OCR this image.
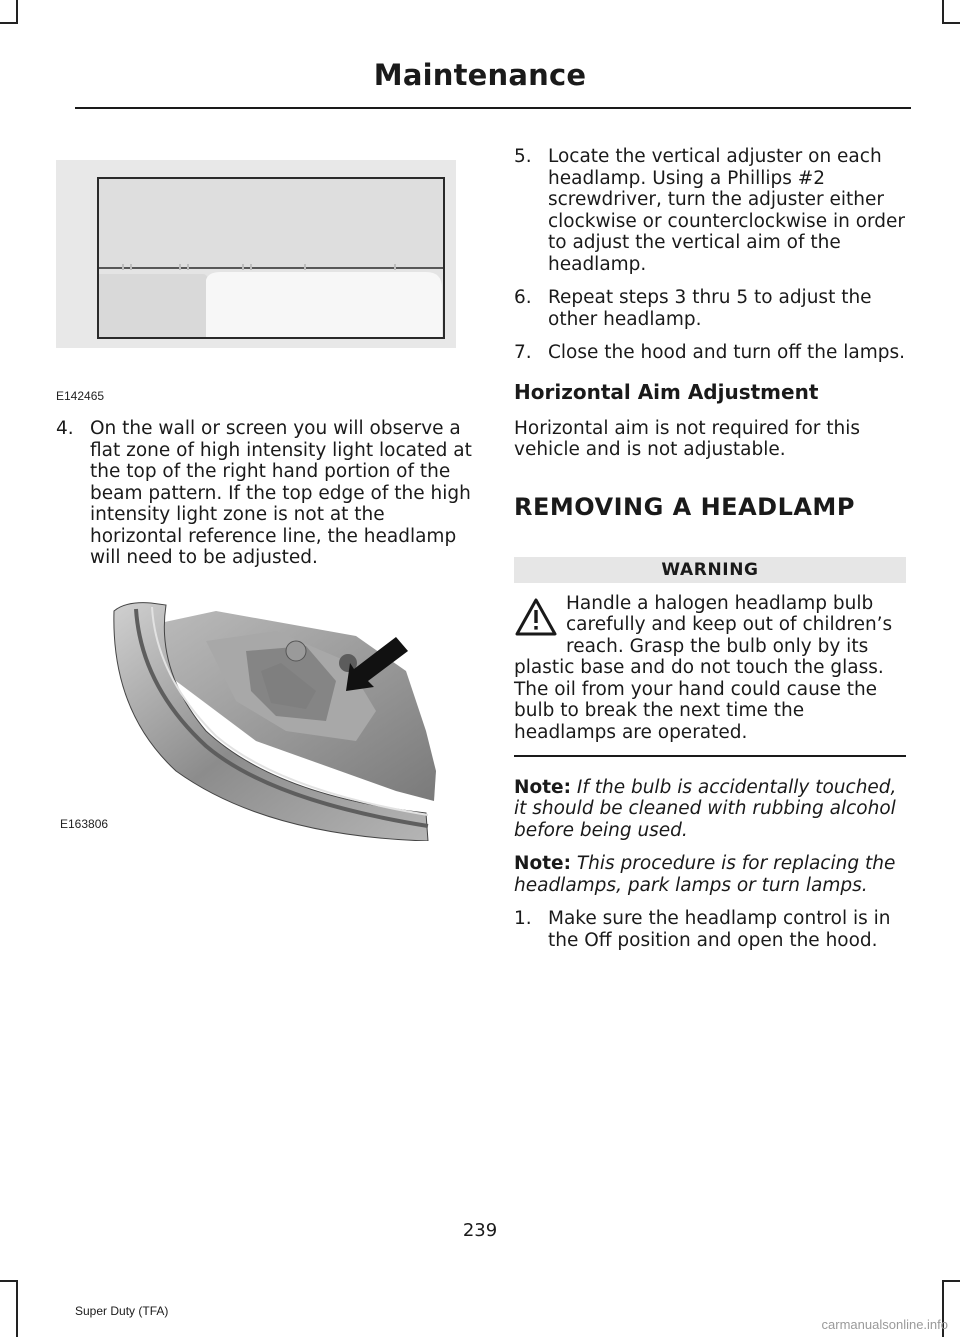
Maintenance
E142465
4. On the wall or screen you will observe a flat zone of high intensity light located at the top of the right hand portion of the beam pattern. If the top edge of the high intensity light zone is not at the horizontal reference line, the headlamp will need to be adjusted.
E163806
5. Locate the vertical adjuster on each headlamp. Using a Phillips #2 screwdriver, turn the adjuster either clockwise or counterclockwise in order to adjust the vertical aim of the headlamp.
6. Repeat steps 3 thru 5 to adjust the other headlamp.
7. Close the hood and turn off the lamps.
Horizontal Aim Adjustment

Horizontal aim is not required for this vehicle and is not adjustable.

REMOVING A HEADLAMP
WARNING
Handle a halogen headlamp bulb carefully and keep out of children’s reach. Grasp the bulb only by its plastic base and do not touch the glass. The oil from your hand could cause the bulb to break the next time the headlamps are operated.

Note: If the bulb is accidentally touched, it should be cleaned with rubbing alcohol before being used.

Note: This procedure is for replacing the headlamps, park lamps or turn lamps.

1. Make sure the headlamp control is in the Off position and open the hood.
239
Super Duty (TFA)
carmanualsonline.info
